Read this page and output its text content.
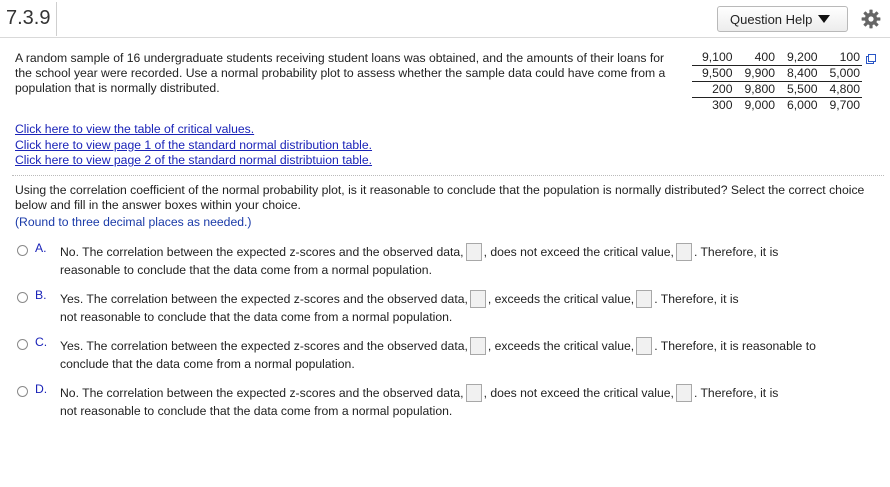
7.3.9	Question Help

A random sample of 16 undergraduate students receiving student loans was obtained, and the amounts of their loans for the school year were recorded. Use a normal probability plot to assess whether the sample data could have come from a population that is normally distributed.

9,100	400	9,200	100
9,500	9,900	8,400	5,000
200	9,800	5,500	4,800
300	9,000	6,000	9,700
Click here to view the table of critical values.
Click here to view page 1 of the standard normal distribution table.
Click here to view page 2 of the standard normal distribtuion table.

Using the correlation coefficient of the normal probability plot, is it reasonable to conclude that the population is normally distributed? Select the correct choice below and fill in the answer boxes within your choice.

(Round to three decimal places as needed.)
A. No. The correlation between the expected z-scores and the observed data, , does not exceed the critical value, . Therefore, it is
reasonable to conclude that the data come from a normal population.
B. Yes. The correlation between the expected z-scores and the observed data, , exceeds the critical value, . Therefore, it is
not reasonable to conclude that the data come from a normal population.
C. Yes. The correlation between the expected z-scores and the observed data, , exceeds the critical value, . Therefore, it is reasonable to
conclude that the data come from a normal population.
D. No. The correlation between the expected z-scores and the observed data, , does not exceed the critical value, . Therefore, it is
not reasonable to conclude that the data come from a normal population.
